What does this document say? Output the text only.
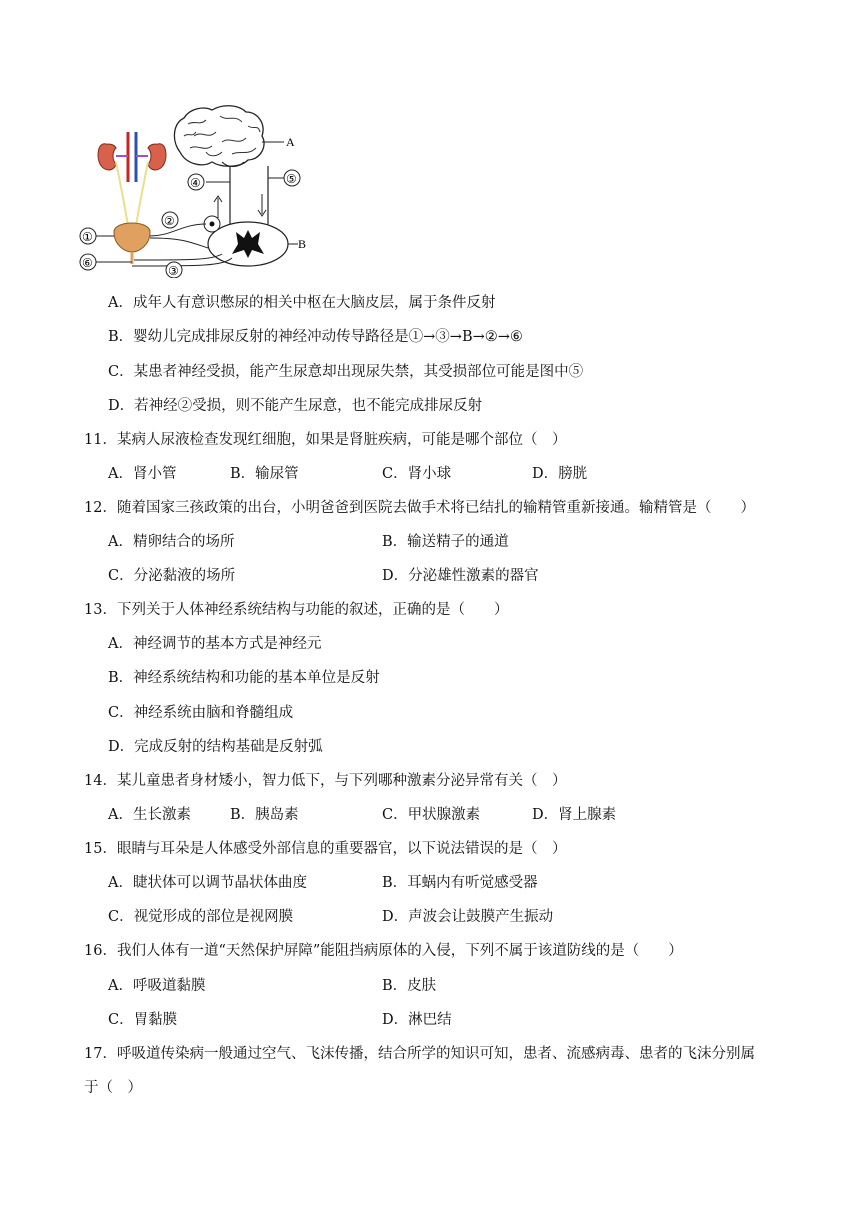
A
④	⑤
B
②
③
①
⑥
A．成年人有意识憋尿的相关中枢在大脑皮层，属于条件反射
B．婴幼儿完成排尿反射的神经冲动传导路径是①→③→B→②→⑥
C．某患者神经受损，能产生尿意却出现尿失禁，其受损部位可能是图中⑤
D．若神经②受损，则不能产生尿意，也不能完成排尿反射
11．某病人尿液检查发现红细胞，如果是肾脏疾病，可能是哪个部位（　）
A．肾小管	B．输尿管	C．肾小球	D．膀胱
12．随着国家三孩政策的出台，小明爸爸到医院去做手术将已结扎的输精管重新接通。输精管是（　　）
A．精卵结合的场所	B．输送精子的通道
C．分泌黏液的场所	D．分泌雄性激素的器官
13．下列关于人体神经系统结构与功能的叙述，正确的是（　　）
A．神经调节的基本方式是神经元
B．神经系统结构和功能的基本单位是反射
C．神经系统由脑和脊髓组成
D．完成反射的结构基础是反射弧
14．某儿童患者身材矮小，智力低下，与下列哪种激素分泌异常有关（　）
A．生长激素	B．胰岛素	C．甲状腺激素	D．肾上腺素
15．眼睛与耳朵是人体感受外部信息的重要器官，以下说法错误的是（　）
A．睫状体可以调节晶状体曲度	B．耳蜗内有听觉感受器
C．视觉形成的部位是视网膜	D．声波会让鼓膜产生振动
16．我们人体有一道“天然保护屏障”能阻挡病原体的入侵，下列不属于该道防线的是（　　）
A．呼吸道黏膜	B．皮肤
C．胃黏膜	D．淋巴结
17．呼吸道传染病一般通过空气、飞沫传播，结合所学的知识可知，患者、流感病毒、患者的飞沫分别属
于（　）
